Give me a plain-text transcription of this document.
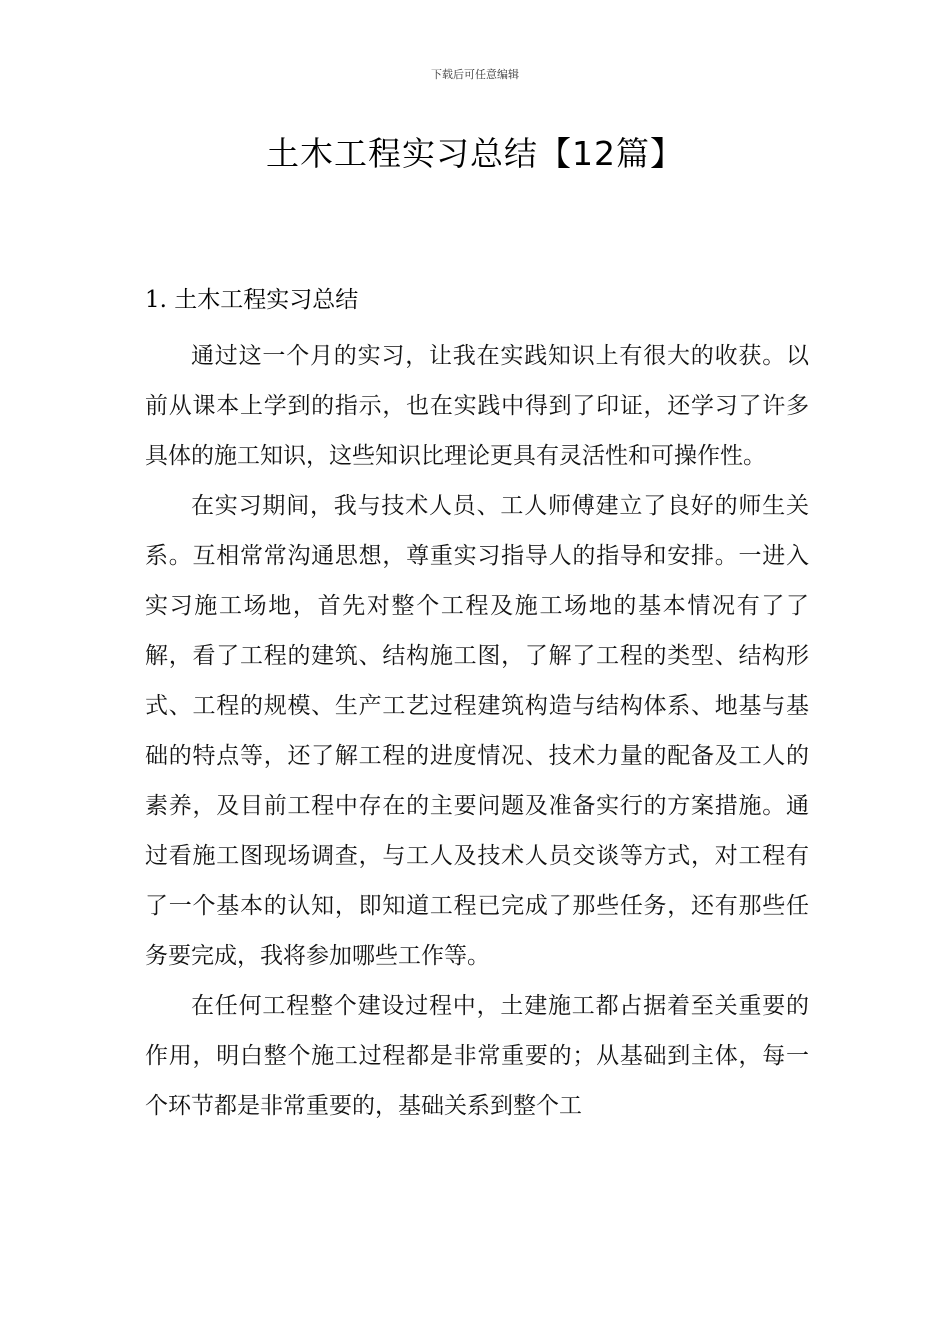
下载后可任意编辑
土木工程实习总结【12篇】
1. 土木工程实习总结

通过这一个月的实习，让我在实践知识上有很大的收获。以前从课本上学到的指示，也在实践中得到了印证，还学习了许多具体的施工知识，这些知识比理论更具有灵活性和可操作性。

在实习期间，我与技术人员、工人师傅建立了良好的师生关系。互相常常沟通思想，尊重实习指导人的指导和安排。一进入实习施工场地，首先对整个工程及施工场地的基本情况有了了解，看了工程的建筑、结构施工图，了解了工程的类型、结构形式、工程的规模、生产工艺过程建筑构造与结构体系、地基与基础的特点等，还了解工程的进度情况、技术力量的配备及工人的素养，及目前工程中存在的主要问题及准备实行的方案措施。通过看施工图现场调查，与工人及技术人员交谈等方式，对工程有了一个基本的认知，即知道工程已完成了那些任务，还有那些任务要完成，我将参加哪些工作等。

在任何工程整个建设过程中，土建施工都占据着至关重要的作用，明白整个施工过程都是非常重要的；从基础到主体，每一个环节都是非常重要的，基础关系到整个工
